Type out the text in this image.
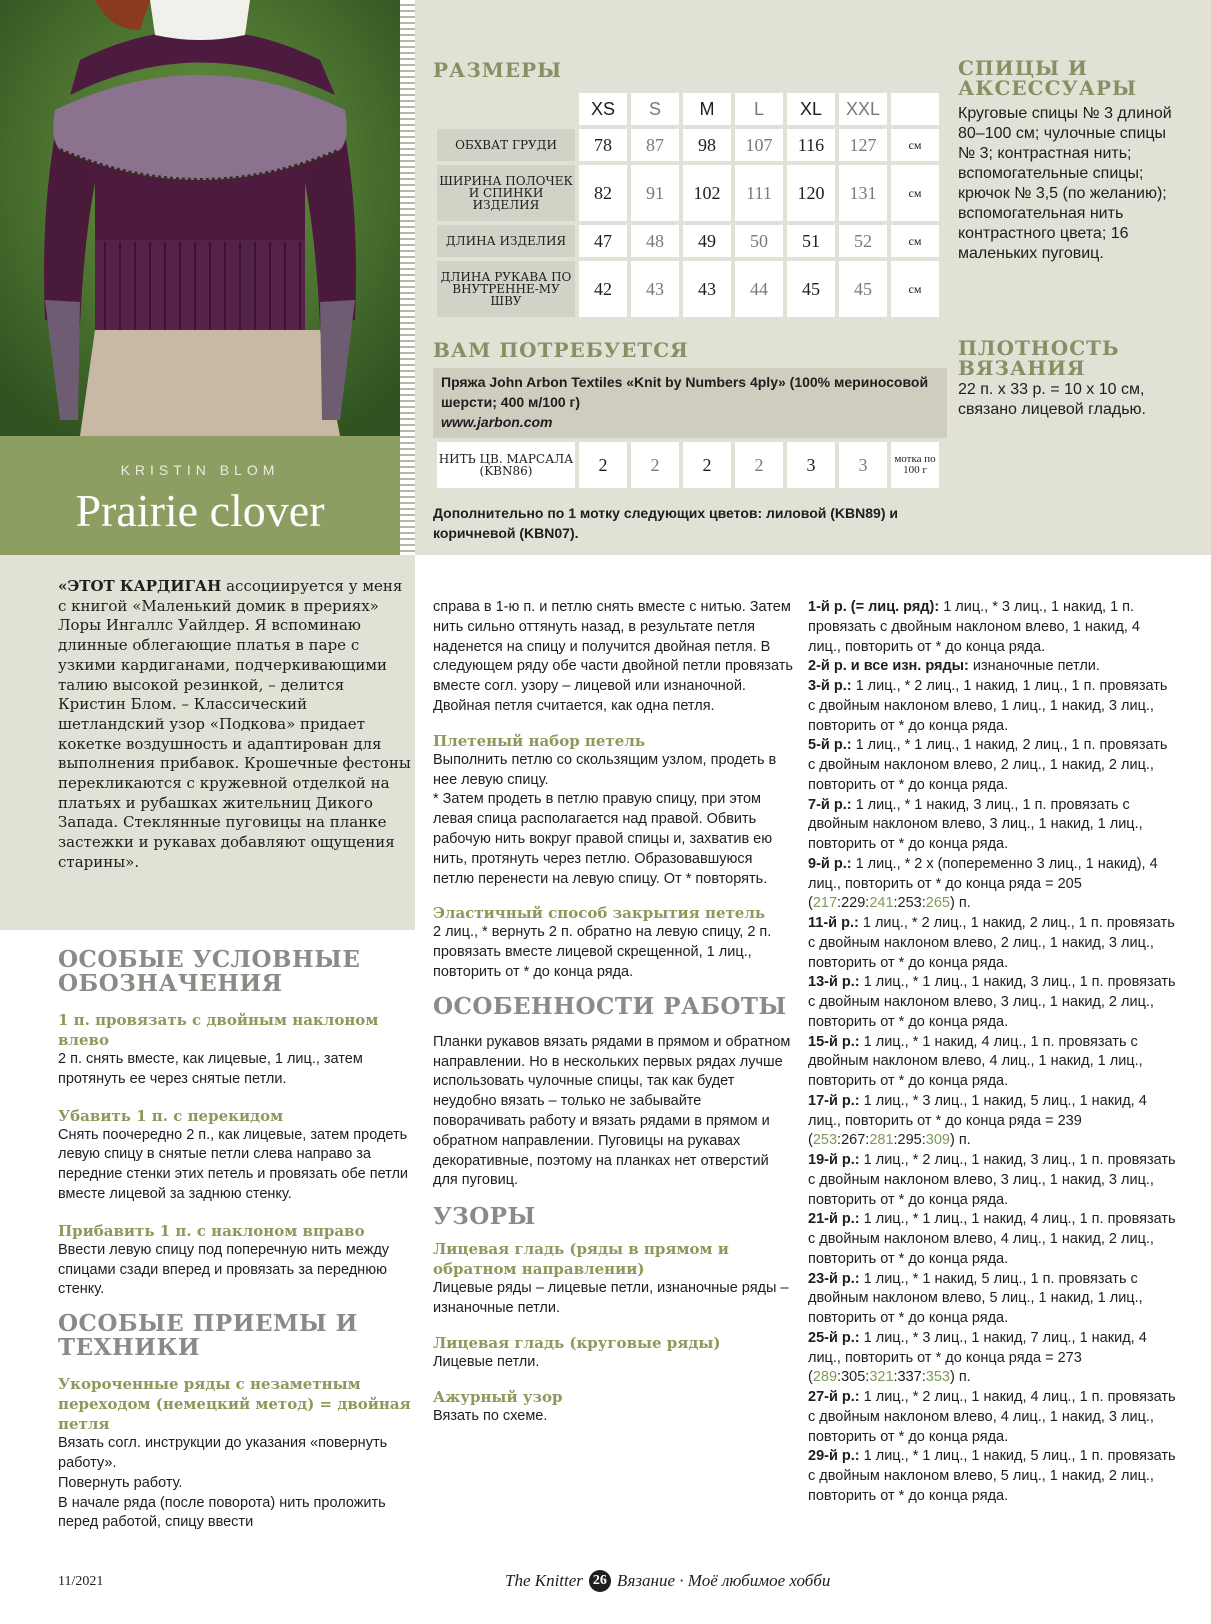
KRISTIN BLOM
Prairie clover
РАЗМЕРЫ
	XS	S	M	L	XL	XXL	
ОБХВАТ ГРУДИ	78	87	98	107	116	127	см
ШИРИНА ПОЛОЧЕК И СПИНКИ ИЗДЕЛИЯ	82	91	102	111	120	131	см
ДЛИНА ИЗДЕЛИЯ	47	48	49	50	51	52	см
ДЛИНА РУКАВА ПО ВНУТРЕННЕ-МУ ШВУ	42	43	43	44	45	45	см
СПИЦЫ И АКСЕССУАРЫ
Круговые спицы № 3 длиной 80–100 см; чулочные спицы № 3; контрастная нить; вспомогательные спицы; крючок № 3,5 (по желанию); вспомогательная нить контрастного цвета; 16 маленьких пуговиц.
ВАМ ПОТРЕБУЕТСЯ
Пряжа John Arbon Textiles «Knit by Numbers 4ply» (100% мериносовой шерсти; 400 м/100 г)
www.jarbon.com
НИТЬ ЦВ. МАРСАЛА (KBN86)	2	2	2	2	3	3	мотка по 100 г
Дополнительно по 1 мотку следующих цветов: лиловой (KBN89) и коричневой (KBN07).
ПЛОТНОСТЬ ВЯЗАНИЯ
22 п. х 33 р. = 10 х 10 см, связано лицевой гладью.
«ЭТОТ КАРДИГАН ассоциируется у меня с книгой «Маленький домик в прериях» Лоры Ингаллс Уайлдер. Я вспоминаю длинные облегающие платья в паре с узкими кардиганами, подчеркивающими талию высокой резинкой, – делится Кристин Блом. – Классический шетландский узор «Подкова» придает кокетке воздушность и адаптирован для выполнения прибавок. Крошечные фестоны перекликаются с кружевной отделкой на платьях и рубашках жительниц Дикого Запада. Стеклянные пуговицы на планке застежки и рукавах добавляют ощущения старины».
ОСОБЫЕ УСЛОВНЫЕ ОБОЗНАЧЕНИЯ
1 п. провязать с двойным наклоном влево
2 п. снять вместе, как лицевые, 1 лиц., затем протянуть ее через снятые петли.
Убавить 1 п. с перекидом
Снять поочередно 2 п., как лицевые, затем продеть левую спицу в снятые петли слева направо за передние стенки этих петель и провязать обе петли вместе лицевой за заднюю стенку.
Прибавить 1 п. с наклоном вправо
Ввести левую спицу под поперечную нить между спицами сзади вперед и провязать за переднюю стенку.
ОСОБЫЕ ПРИЕМЫ И ТЕХНИКИ
Укороченные ряды с незаметным переходом (немецкий метод) = двойная петля
Вязать согл. инструкции до указания «повернуть работу».
Повернуть работу.
В начале ряда (после поворота) нить проложить перед работой, спицу ввести
справа в 1-ю п. и петлю снять вместе с нитью. Затем нить сильно оттянуть назад, в результате петля наденется на спицу и получится двойная петля. В следующем ряду обе части двойной петли провязать вместе согл. узору – лицевой или изнаночной. Двойная петля считается, как одна петля.
Плетеный набор петель
Выполнить петлю со скользящим узлом, продеть в нее левую спицу.
* Затем продеть в петлю правую спицу, при этом левая спица располагается над правой. Обвить рабочую нить вокруг правой спицы и, захватив ею нить, протянуть через петлю. Образовавшуюся петлю перенести на левую спицу. От * повторять.
Эластичный способ закрытия петель
2 лиц., * вернуть 2 п. обратно на левую спицу, 2 п. провязать вместе лицевой скрещенной, 1 лиц., повторить от * до конца ряда.
ОСОБЕННОСТИ РАБОТЫ
Планки рукавов вязать рядами в прямом и обратном направлении. Но в нескольких первых рядах лучше использовать чулочные спицы, так как будет неудобно вязать – только не забывайте поворачивать работу и вязать рядами в прямом и обратном направлении. Пуговицы на рукавах декоративные, поэтому на планках нет отверстий для пуговиц.
УЗОРЫ
Лицевая гладь (ряды в прямом и обратном направлении)
Лицевые ряды – лицевые петли, изнаночные ряды – изнаночные петли.
Лицевая гладь (круговые ряды)
Лицевые петли.
Ажурный узор
Вязать по схеме.
1-й р. (= лиц. ряд): 1 лиц., * 3 лиц., 1 накид, 1 п. провязать с двойным наклоном влево, 1 накид, 4 лиц., повторить от * до конца ряда.
2-й р. и все изн. ряды: изнаночные петли.
3-й р.: 1 лиц., * 2 лиц., 1 накид, 1 лиц., 1 п. провязать с двойным наклоном влево, 1 лиц., 1 накид, 3 лиц., повторить от * до конца ряда.
5-й р.: 1 лиц., * 1 лиц., 1 накид, 2 лиц., 1 п. провязать с двойным наклоном влево, 2 лиц., 1 накид, 2 лиц., повторить от * до конца ряда.
7-й р.: 1 лиц., * 1 накид, 3 лиц., 1 п. провязать с двойным наклоном влево, 3 лиц., 1 накид, 1 лиц., повторить от * до конца ряда.
9-й р.: 1 лиц., * 2 х (попеременно 3 лиц., 1 накид), 4 лиц., повторить от * до конца ряда = 205 (217:229:241:253:265) п.
11-й р.: 1 лиц., * 2 лиц., 1 накид, 2 лиц., 1 п. провязать с двойным наклоном влево, 2 лиц., 1 накид, 3 лиц., повторить от * до конца ряда.
13-й р.: 1 лиц., * 1 лиц., 1 накид, 3 лиц., 1 п. провязать с двойным наклоном влево, 3 лиц., 1 накид, 2 лиц., повторить от * до конца ряда.
15-й р.: 1 лиц., * 1 накид, 4 лиц., 1 п. провязать с двойным наклоном влево, 4 лиц., 1 накид, 1 лиц., повторить от * до конца ряда.
17-й р.: 1 лиц., * 3 лиц., 1 накид, 5 лиц., 1 накид, 4 лиц., повторить от * до конца ряда = 239 (253:267:281:295:309) п.
19-й р.: 1 лиц., * 2 лиц., 1 накид, 3 лиц., 1 п. провязать с двойным наклоном влево, 3 лиц., 1 накид, 3 лиц., повторить от * до конца ряда.
21-й р.: 1 лиц., * 1 лиц., 1 накид, 4 лиц., 1 п. провязать с двойным наклоном влево, 4 лиц., 1 накид, 2 лиц., повторить от * до конца ряда.
23-й р.: 1 лиц., * 1 накид, 5 лиц., 1 п. провязать с двойным наклоном влево, 5 лиц., 1 накид, 1 лиц., повторить от * до конца ряда.
25-й р.: 1 лиц., * 3 лиц., 1 накид, 7 лиц., 1 накид, 4 лиц., повторить от * до конца ряда = 273 (289:305:321:337:353) п.
27-й р.: 1 лиц., * 2 лиц., 1 накид, 4 лиц., 1 п. провязать с двойным наклоном влево, 4 лиц., 1 накид, 3 лиц., повторить от * до конца ряда.
29-й р.: 1 лиц., * 1 лиц., 1 накид, 5 лиц., 1 п. провязать с двойным наклоном влево, 5 лиц., 1 накид, 2 лиц., повторить от * до конца ряда.
11/2021	The Knitter 26 Вязание · Моё любимое хобби
